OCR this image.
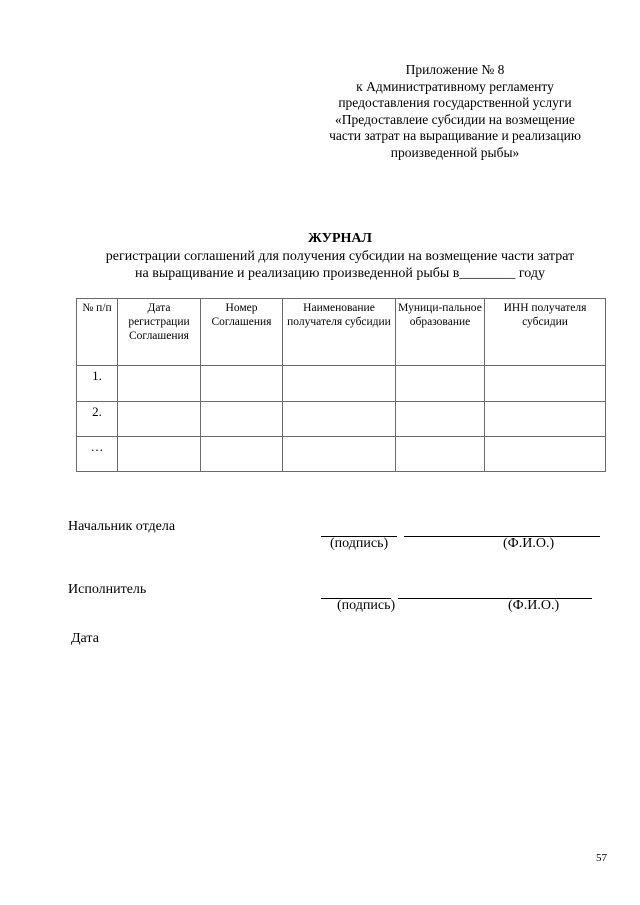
Приложение № 8
к Административному регламенту
предоставления государственной услуги
«Предоставлеие субсидии на возмещение
части затрат на выращивание и реализацию
произведенной рыбы»
ЖУРНАЛ
регистрации соглашений для получения субсидии на возмещение части затрат
на выращивание и реализацию произведенной рыбы в________ году
№ п/п	Дата регистрации Соглашения	Номер Соглашения	Наименование получателя субсидии	Муници-пальное образование	ИНН получателя субсидии
1.					
2.					
…					
Начальник отдела
(подпись)	(Ф.И.О.)
Исполнитель
(подпись)	(Ф.И.О.)
Дата
57
